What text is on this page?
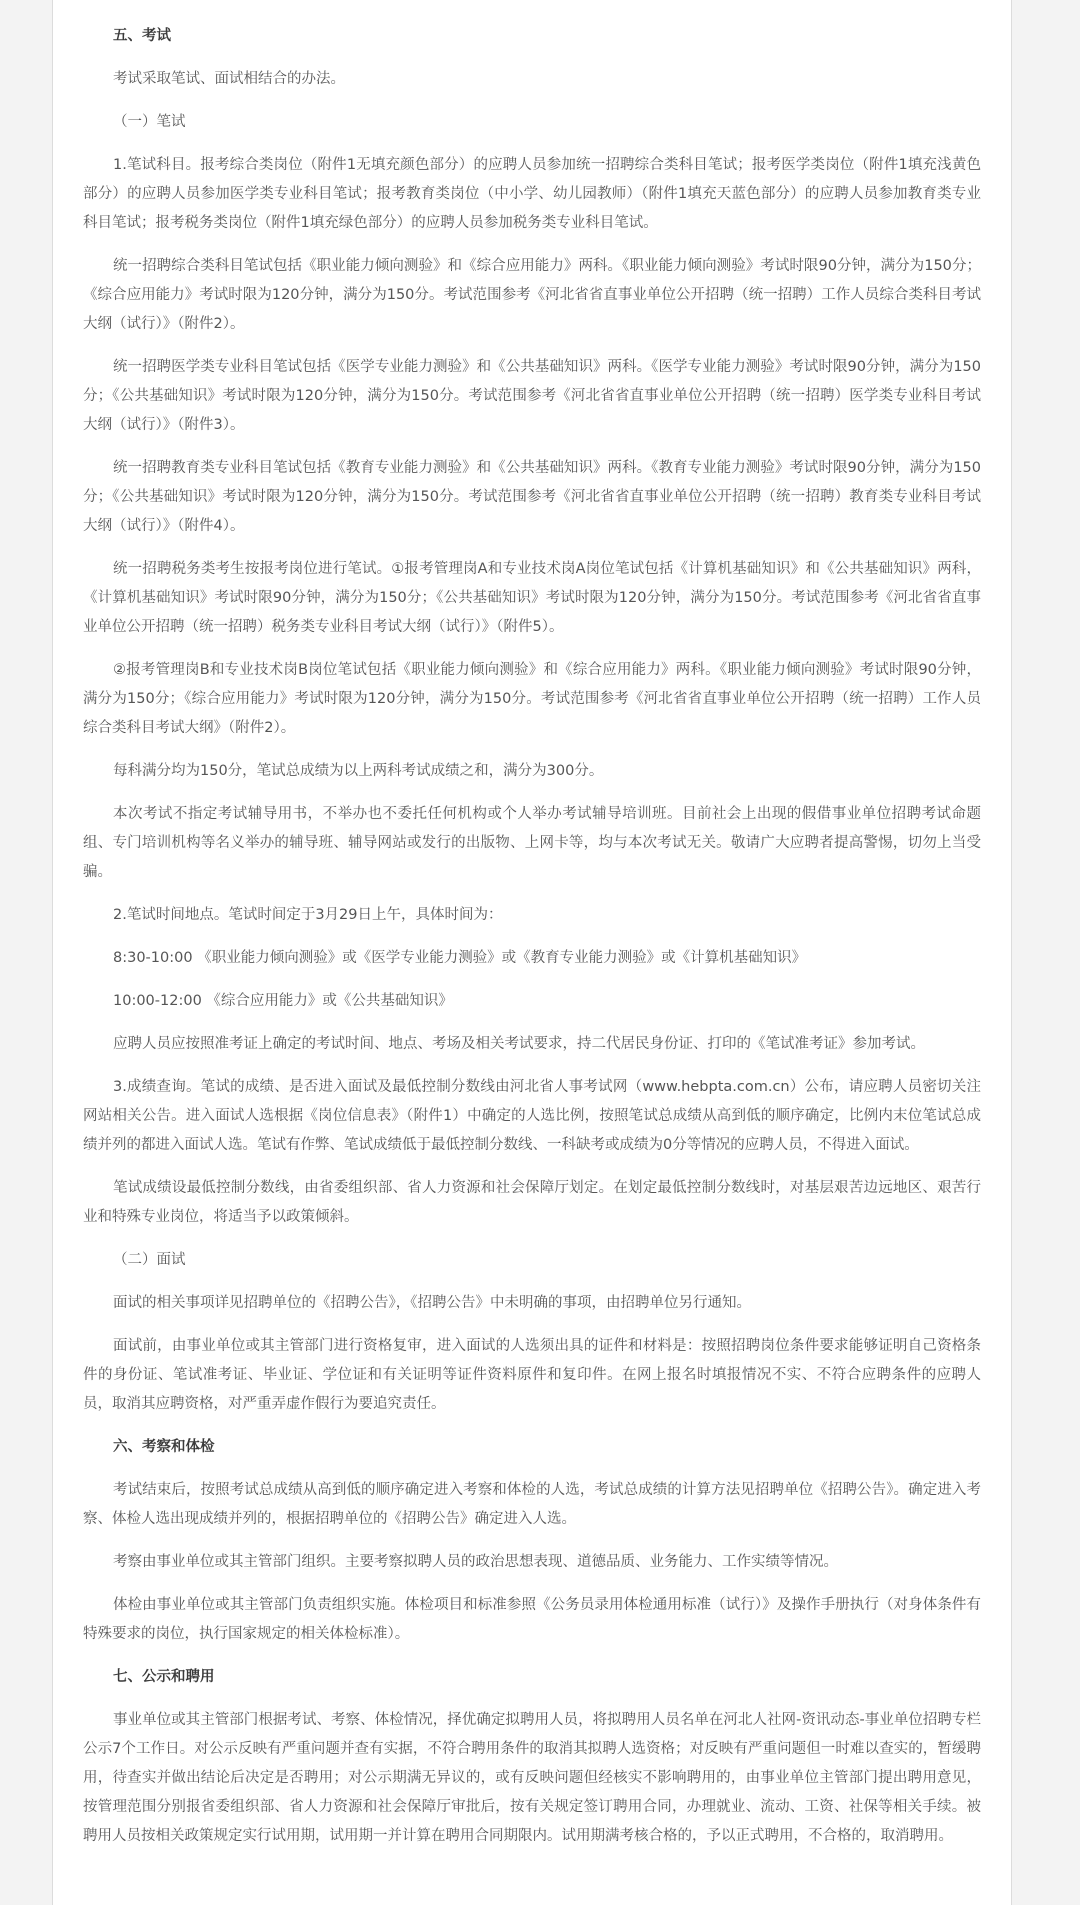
五、考试

考试采取笔试、面试相结合的办法。

（一）笔试

1.笔试科目。报考综合类岗位（附件1无填充颜色部分）的应聘人员参加统一招聘综合类科目笔试；报考医学类岗位（附件1填充浅黄色部分）的应聘人员参加医学类专业科目笔试；报考教育类岗位（中小学、幼儿园教师）（附件1填充天蓝色部分）的应聘人员参加教育类专业科目笔试；报考税务类岗位（附件1填充绿色部分）的应聘人员参加税务类专业科目笔试。

统一招聘综合类科目笔试包括《职业能力倾向测验》和《综合应用能力》两科。《职业能力倾向测验》考试时限90分钟，满分为150分；《综合应用能力》考试时限为120分钟，满分为150分。考试范围参考《河北省省直事业单位公开招聘（统一招聘）工作人员综合类科目考试大纲（试行）》（附件2）。

统一招聘医学类专业科目笔试包括《医学专业能力测验》和《公共基础知识》两科。《医学专业能力测验》考试时限90分钟，满分为150分；《公共基础知识》考试时限为120分钟，满分为150分。考试范围参考《河北省省直事业单位公开招聘（统一招聘）医学类专业科目考试大纲（试行）》（附件3）。

统一招聘教育类专业科目笔试包括《教育专业能力测验》和《公共基础知识》两科。《教育专业能力测验》考试时限90分钟，满分为150分；《公共基础知识》考试时限为120分钟，满分为150分。考试范围参考《河北省省直事业单位公开招聘（统一招聘）教育类专业科目考试大纲（试行）》（附件4）。

统一招聘税务类考生按报考岗位进行笔试。①报考管理岗A和专业技术岗A岗位笔试包括《计算机基础知识》和《公共基础知识》两科，《计算机基础知识》考试时限90分钟，满分为150分；《公共基础知识》考试时限为120分钟，满分为150分。考试范围参考《河北省省直事业单位公开招聘（统一招聘）税务类专业科目考试大纲（试行）》（附件5）。

②报考管理岗B和专业技术岗B岗位笔试包括《职业能力倾向测验》和《综合应用能力》两科。《职业能力倾向测验》考试时限90分钟，满分为150分；《综合应用能力》考试时限为120分钟，满分为150分。考试范围参考《河北省省直事业单位公开招聘（统一招聘）工作人员综合类科目考试大纲》（附件2）。

每科满分均为150分，笔试总成绩为以上两科考试成绩之和，满分为300分。

本次考试不指定考试辅导用书，不举办也不委托任何机构或个人举办考试辅导培训班。目前社会上出现的假借事业单位招聘考试命题组、专门培训机构等名义举办的辅导班、辅导网站或发行的出版物、上网卡等，均与本次考试无关。敬请广大应聘者提高警惕，切勿上当受骗。

2.笔试时间地点。笔试时间定于3月29日上午，具体时间为：

8:30-10:00 《职业能力倾向测验》或《医学专业能力测验》或《教育专业能力测验》或《计算机基础知识》

10:00-12:00 《综合应用能力》或《公共基础知识》

应聘人员应按照准考证上确定的考试时间、地点、考场及相关考试要求，持二代居民身份证、打印的《笔试准考证》参加考试。

3.成绩查询。笔试的成绩、是否进入面试及最低控制分数线由河北省人事考试网（www.hebpta.com.cn）公布，请应聘人员密切关注网站相关公告。进入面试人选根据《岗位信息表》（附件1）中确定的人选比例，按照笔试总成绩从高到低的顺序确定，比例内末位笔试总成绩并列的都进入面试人选。笔试有作弊、笔试成绩低于最低控制分数线、一科缺考或成绩为0分等情况的应聘人员，不得进入面试。

笔试成绩设最低控制分数线，由省委组织部、省人力资源和社会保障厅划定。在划定最低控制分数线时，对基层艰苦边远地区、艰苦行业和特殊专业岗位，将适当予以政策倾斜。

（二）面试

面试的相关事项详见招聘单位的《招聘公告》，《招聘公告》中未明确的事项，由招聘单位另行通知。

面试前，由事业单位或其主管部门进行资格复审，进入面试的人选须出具的证件和材料是：按照招聘岗位条件要求能够证明自己资格条件的身份证、笔试准考证、毕业证、学位证和有关证明等证件资料原件和复印件。在网上报名时填报情况不实、不符合应聘条件的应聘人员，取消其应聘资格，对严重弄虚作假行为要追究责任。

六、考察和体检

考试结束后，按照考试总成绩从高到低的顺序确定进入考察和体检的人选，考试总成绩的计算方法见招聘单位《招聘公告》。确定进入考察、体检人选出现成绩并列的，根据招聘单位的《招聘公告》确定进入人选。

考察由事业单位或其主管部门组织。主要考察拟聘人员的政治思想表现、道德品质、业务能力、工作实绩等情况。

体检由事业单位或其主管部门负责组织实施。体检项目和标准参照《公务员录用体检通用标准（试行）》及操作手册执行（对身体条件有特殊要求的岗位，执行国家规定的相关体检标准）。

七、公示和聘用

事业单位或其主管部门根据考试、考察、体检情况，择优确定拟聘用人员，将拟聘用人员名单在河北人社网-资讯动态-事业单位招聘专栏公示7个工作日。对公示反映有严重问题并查有实据，不符合聘用条件的取消其拟聘人选资格；对反映有严重问题但一时难以查实的，暂缓聘用，待查实并做出结论后决定是否聘用；对公示期满无异议的，或有反映问题但经核实不影响聘用的，由事业单位主管部门提出聘用意见，按管理范围分别报省委组织部、省人力资源和社会保障厅审批后，按有关规定签订聘用合同，办理就业、流动、工资、社保等相关手续。被聘用人员按相关政策规定实行试用期，试用期一并计算在聘用合同期限内。试用期满考核合格的，予以正式聘用，不合格的，取消聘用。
